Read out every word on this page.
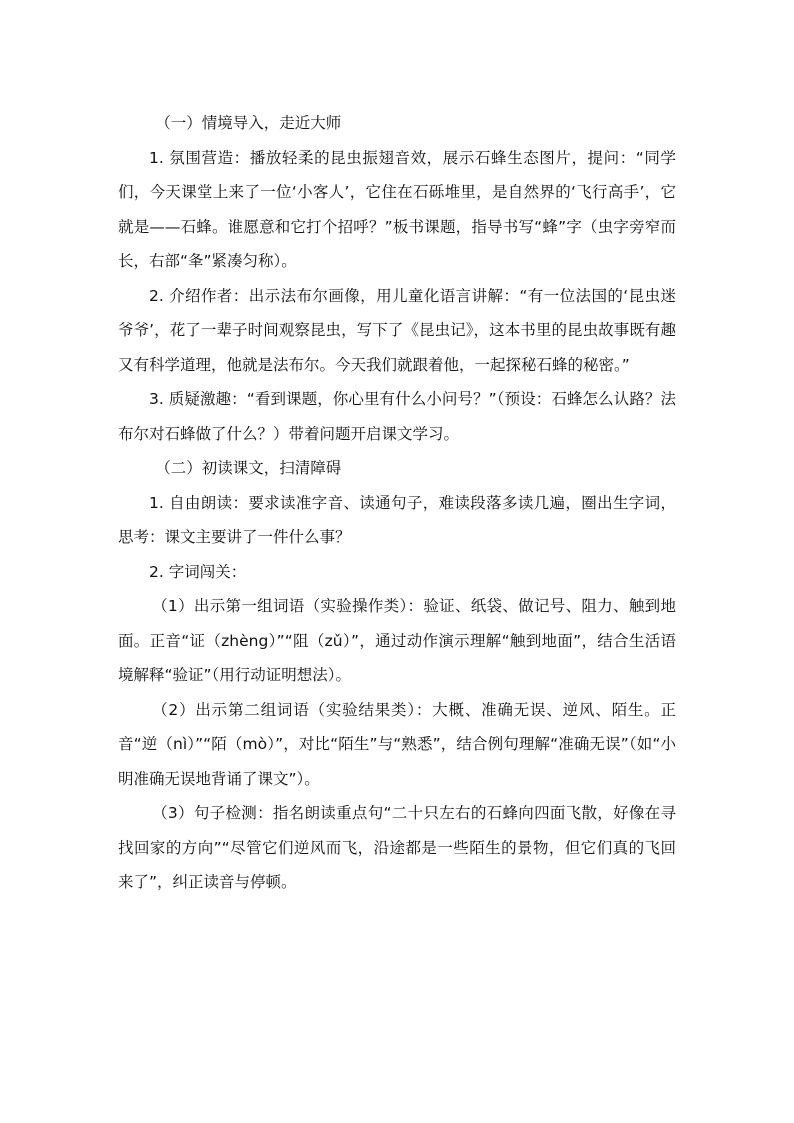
（一）情境导入，走近大师

1. 氛围营造：播放轻柔的昆虫振翅音效，展示石蜂生态图片，提问：“同学们，今天课堂上来了一位‘小客人’，它住在石砾堆里，是自然界的‘飞行高手’，它就是——石蜂。谁愿意和它打个招呼？”板书课题，指导书写“蜂”字（虫字旁窄而长，右部“夆”紧凑匀称）。

2. 介绍作者：出示法布尔画像，用儿童化语言讲解：“有一位法国的‘昆虫迷爷爷’，花了一辈子时间观察昆虫，写下了《昆虫记》，这本书里的昆虫故事既有趣又有科学道理，他就是法布尔。今天我们就跟着他，一起探秘石蜂的秘密。”

3. 质疑激趣：“看到课题，你心里有什么小问号？”（预设：石蜂怎么认路？法布尔对石蜂做了什么？）带着问题开启课文学习。

（二）初读课文，扫清障碍

1. 自由朗读：要求读准字音、读通句子，难读段落多读几遍，圈出生字词，思考：课文主要讲了一件什么事？

2. 字词闯关：

（1）出示第一组词语（实验操作类）：验证、纸袋、做记号、阻力、触到地面。正音“证（zhèng）”“阻（zǔ）”，通过动作演示理解“触到地面”，结合生活语境解释“验证”（用行动证明想法）。

（2）出示第二组词语（实验结果类）：大概、准确无误、逆风、陌生。正音“逆（nì）”“陌（mò）”，对比“陌生”与“熟悉”，结合例句理解“准确无误”（如“小明准确无误地背诵了课文”）。

（3）句子检测：指名朗读重点句“二十只左右的石蜂向四面飞散，好像在寻找回家的方向”“尽管它们逆风而飞，沿途都是一些陌生的景物，但它们真的飞回来了”，纠正读音与停顿。
